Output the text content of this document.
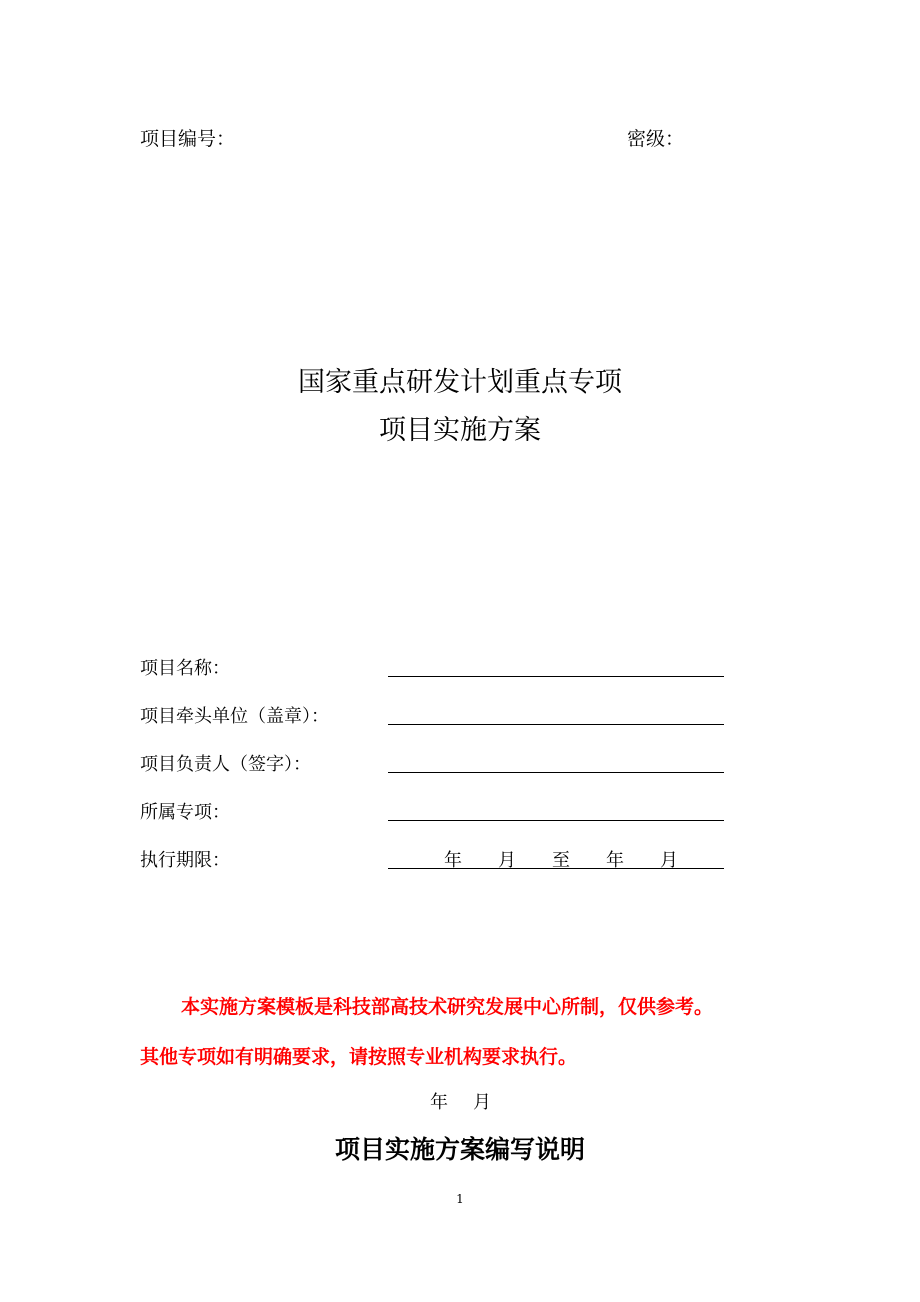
项目编号：	密级：
国家重点研发计划重点专项
项目实施方案
项目名称：
项目牵头单位（盖章）：
项目负责人（签字）：
所属专项：
执行期限：	年 月 至 年 月
本实施方案模板是科技部高技术研究发展中心所制，仅供参考。
其他专项如有明确要求，请按照专业机构要求执行。
年 月
项目实施方案编写说明
1
